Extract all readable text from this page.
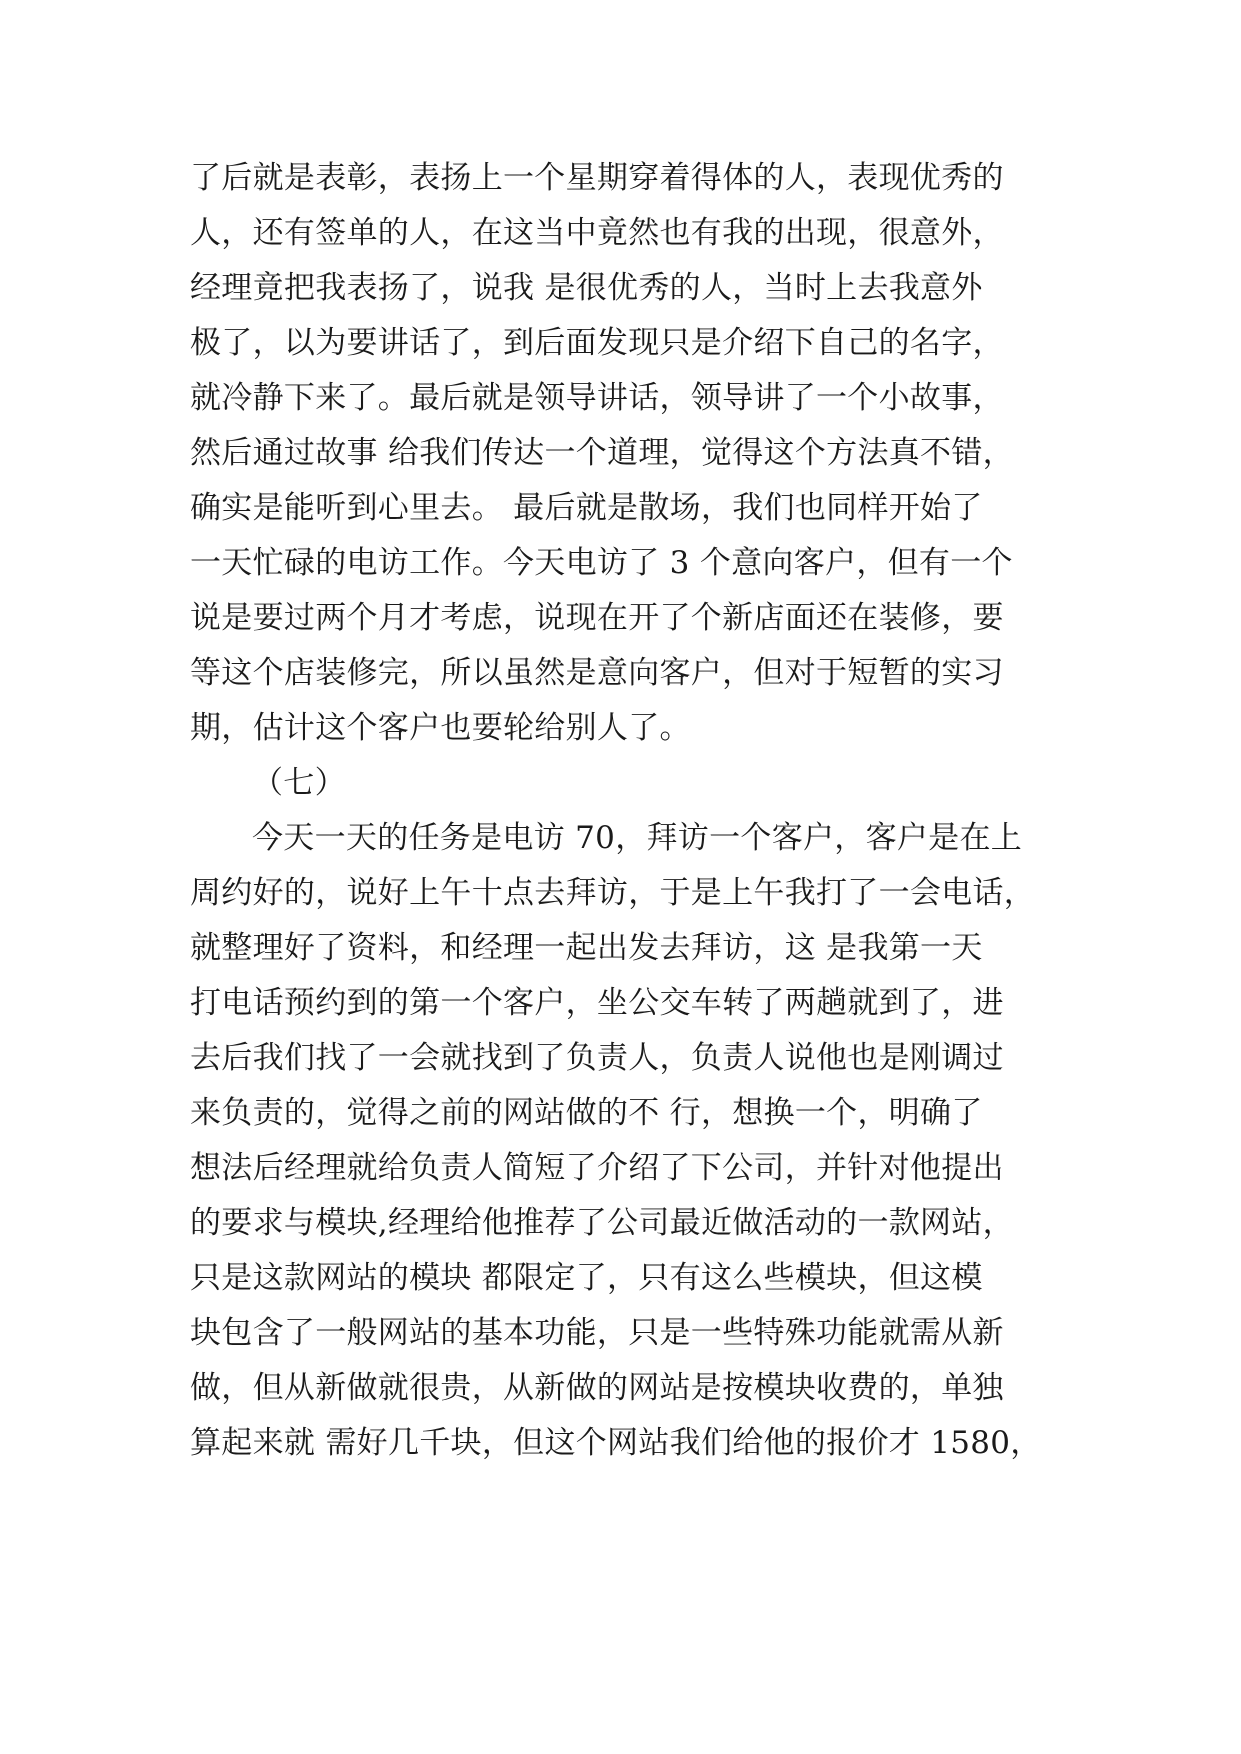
了后就是表彰，表扬上一个星期穿着得体的人，表现优秀的
人，还有签单的人，在这当中竟然也有我的出现，很意外，
经理竟把我表扬了，说我 是很优秀的人，当时上去我意外
极了，以为要讲话了，到后面发现只是介绍下自己的名字，
就冷静下来了。最后就是领导讲话，领导讲了一个小故事，
然后通过故事 给我们传达一个道理，觉得这个方法真不错，
确实是能听到心里去。 最后就是散场，我们也同样开始了
一天忙碌的电访工作。今天电访了 3 个意向客户，但有一个
说是要过两个月才考虑，说现在开了个新店面还在装修，要
等这个店装修完，所以虽然是意向客户，但对于短暂的实习
期，估计这个客户也要轮给别人了。
（七）
今天一天的任务是电访 70，拜访一个客户，客户是在上
周约好的，说好上午十点去拜访，于是上午我打了一会电话，
就整理好了资料，和经理一起出发去拜访，这 是我第一天
打电话预约到的第一个客户，坐公交车转了两趟就到了，进
去后我们找了一会就找到了负责人，负责人说他也是刚调过
来负责的，觉得之前的网站做的不 行，想换一个，明确了
想法后经理就给负责人简短了介绍了下公司，并针对他提出
的要求与模块,经理给他推荐了公司最近做活动的一款网站，
只是这款网站的模块 都限定了，只有这么些模块，但这模
块包含了一般网站的基本功能，只是一些特殊功能就需从新
做，但从新做就很贵，从新做的网站是按模块收费的，单独
算起来就 需好几千块，但这个网站我们给他的报价才 1580，
